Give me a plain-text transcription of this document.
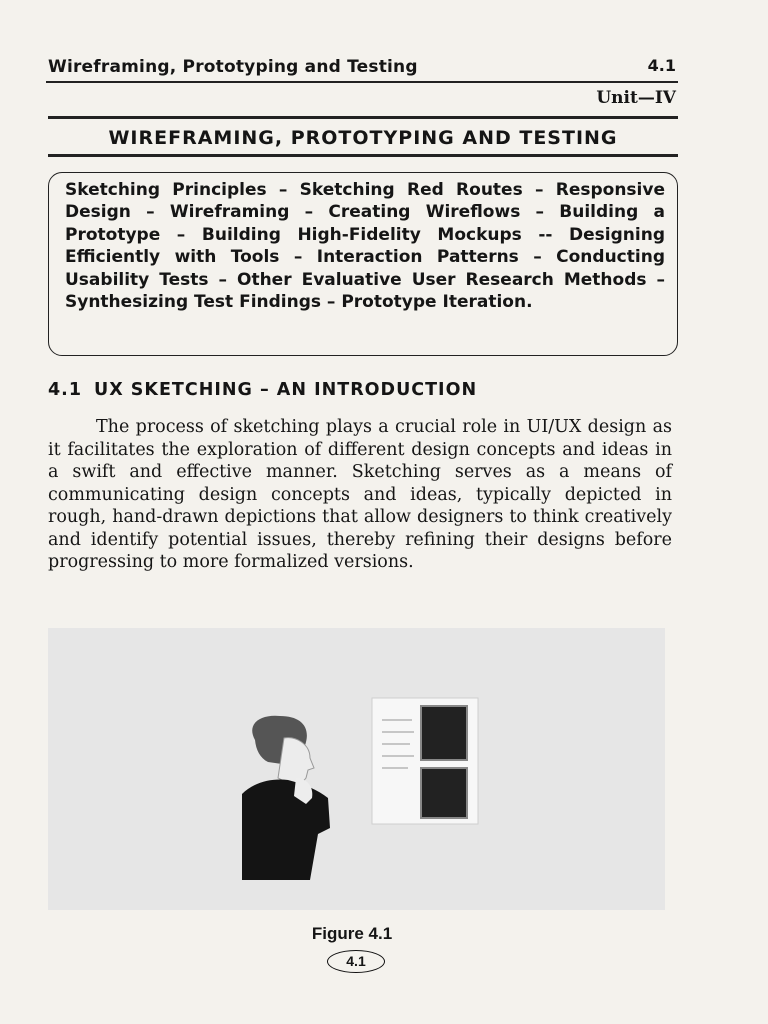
Wireframing, Prototyping and Testing	4.1
Unit—IV
WIREFRAMING, PROTOTYPING AND TESTING

Sketching Principles – Sketching Red Routes – Responsive Design – Wireframing – Creating Wireflows – Building a Prototype – Building High-Fidelity Mockups -- Designing Efficiently with Tools – Interaction Patterns – Conducting Usability Tests – Other Evaluative User Research Methods – Synthesizing Test Findings – Prototype Iteration.

4.1 UX SKETCHING – AN INTRODUCTION

The process of sketching plays a crucial role in UI/UX design as it facilitates the exploration of different design concepts and ideas in a swift and effective manner. Sketching serves as a means of communicating design concepts and ideas, typically depicted in rough, hand-drawn depictions that allow designers to think creatively and identify potential issues, thereby refining their designs before progressing to more formalized versions.

Figure 4.1
4.1
